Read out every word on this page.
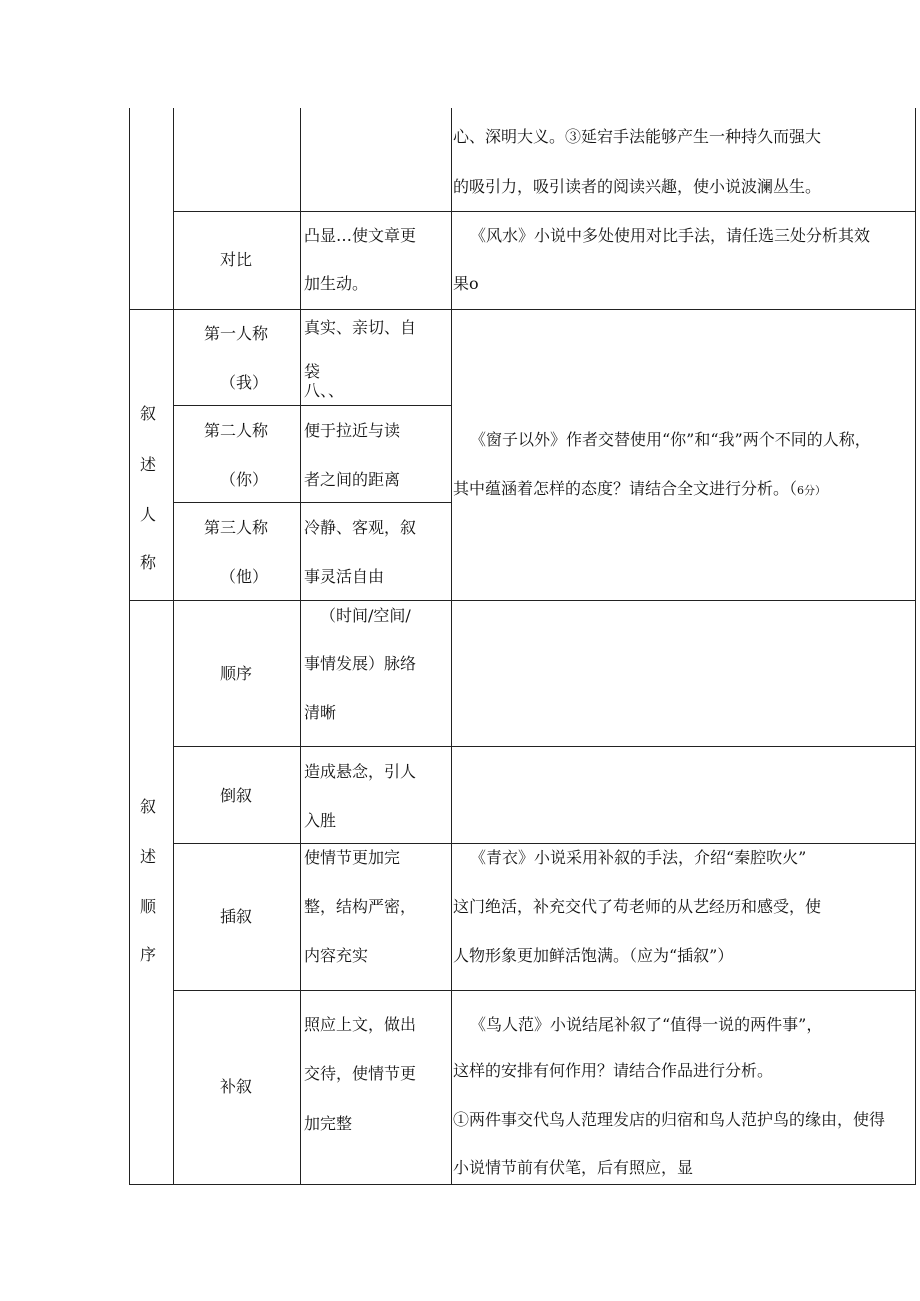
心、深明大义。③延宕手法能够产生一种持久而强大
的吸引力，吸引读者的阅读兴趣，使小说波澜丛生。
对比
凸显…使文章更
加生动。
《风水》小说中多处使用对比手法，请任选三处分析其效
果o
叙
述
人
称
第一人称
（我）
真实、亲切、自
袋
八、、
第二人称
（你）
便于拉近与读
者之间的距离
第三人称
（他）
冷静、客观，叙
事灵活自由
《窗子以外》作者交替使用“你”和“我”两个不同的人称，
其中蕴涵着怎样的态度？请结合全文进行分析。（6分）
叙
述
顺
序
顺序
（时间/空间/
事情发展）脉络
清晰
倒叙
造成悬念，引人
入胜
插叙
使情节更加完
整，结构严密，
内容充实
《青衣》小说采用补叙的手法，介绍“秦腔吹火”
这门绝活，补充交代了苟老师的从艺经历和感受，使
人物形象更加鲜活饱满。（应为“插叙”）
补叙
照应上文，做出
交待，使情节更
加完整
《鸟人范》小说结尾补叙了“值得一说的两件事”，
这样的安排有何作用？请结合作品进行分析。
①两件事交代鸟人范理发店的归宿和鸟人范护鸟的缘由，使得
小说情节前有伏笔，后有照应，显
